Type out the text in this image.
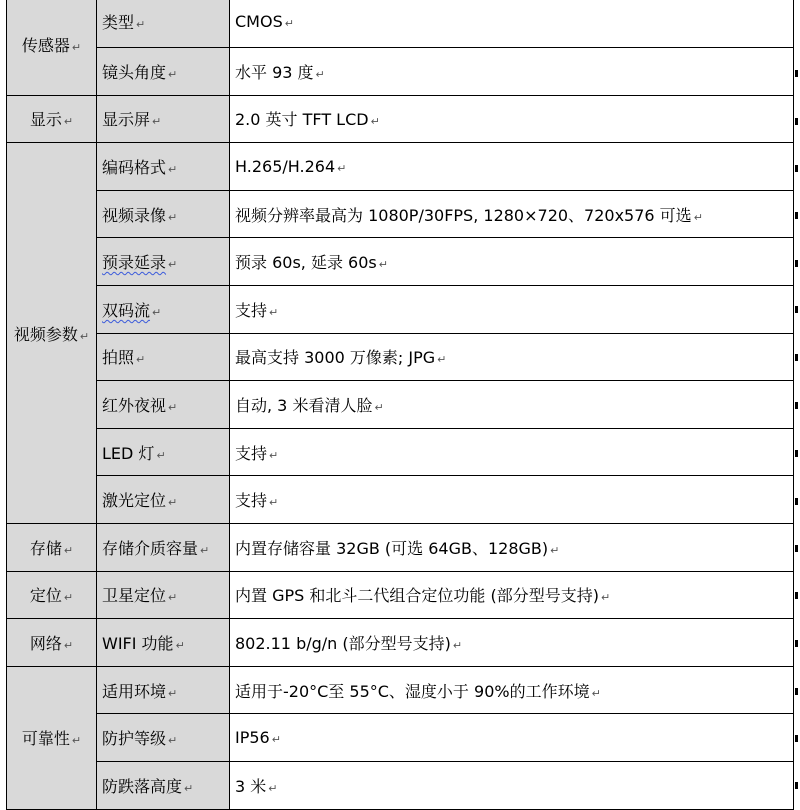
传感器 ↵	类型 ↵	CMOS ↵
	镜头角度 ↵	水平 93 度 ↵
显示 ↵	显示屏 ↵	2.0 英寸 TFT LCD ↵
视频参数 ↵	编码格式 ↵	H.265/H.264 ↵
	视频录像 ↵	视频分辨率最高为 1080P/30FPS, 1280×720、720x576 可选 ↵
	预录延录 ↵	预录 60s, 延录 60s ↵
	双码流 ↵	支持 ↵
	拍照 ↵	最高支持 3000 万像素; JPG ↵
	红外夜视 ↵	自动, 3 米看清人脸 ↵
	LED 灯 ↵	支持 ↵
	激光定位 ↵	支持 ↵
存储 ↵	存储介质容量 ↵	内置存储容量 32GB (可选 64GB、128GB) ↵
定位 ↵	卫星定位 ↵	内置 GPS 和北斗二代组合定位功能 (部分型号支持) ↵
网络 ↵	WIFI 功能 ↵	802.11 b/g/n (部分型号支持) ↵
可靠性 ↵	适用环境 ↵	适用于-20°C至 55°C、湿度小于 90%的工作环境 ↵
	防护等级 ↵	IP56 ↵
	防跌落高度 ↵	3 米 ↵
